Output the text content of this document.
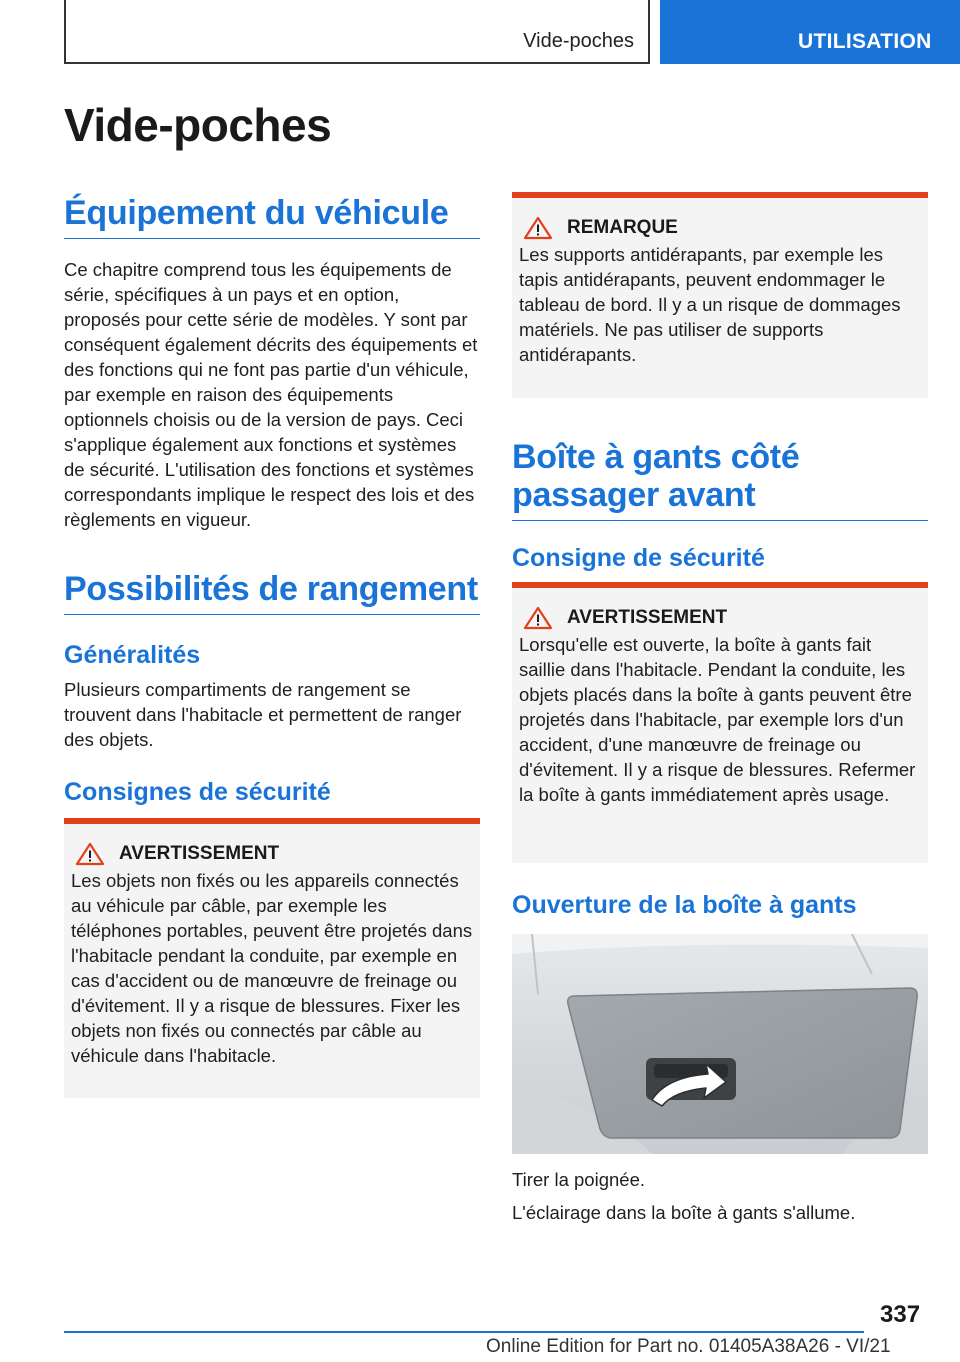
Vide-poches	UTILISATION
Vide-poches
Équipement du véhicule

Ce chapitre comprend tous les équipements de série, spécifiques à un pays et en option, proposés pour cette série de modèles. Y sont par conséquent également décrits des équipements et des fonctions qui ne font pas partie d'un véhicule, par exemple en raison des équipements optionnels choisis ou de la version de pays. Ceci s'applique également aux fonctions et systèmes de sécurité. L'utilisation des fonctions et systèmes correspondants implique le respect des lois et des règlements en vigueur.

Possibilités de rangement
Généralités

Plusieurs compartiments de rangement se trouvent dans l'habitacle et permettent de ranger des objets.

Consignes de sécurité
AVERTISSEMENT

Les objets non fixés ou les appareils connectés au véhicule par câble, par exemple les téléphones portables, peuvent être projetés dans l'habitacle pendant la conduite, par exemple en cas d'accident ou de manœuvre de freinage ou d'évitement. Il y a risque de blessures. Fixer les objets non fixés ou connectés par câble au véhicule dans l'habitacle.

REMARQUE

Les supports antidérapants, par exemple les tapis antidérapants, peuvent endommager le tableau de bord. Il y a un risque de dommages matériels. Ne pas utiliser de supports antidérapants.

Boîte à gants côté passager avant
Consigne de sécurité
AVERTISSEMENT

Lorsqu'elle est ouverte, la boîte à gants fait saillie dans l'habitacle. Pendant la conduite, les objets placés dans la boîte à gants peuvent être projetés dans l'habitacle, par exemple lors d'un accident, d'une manœuvre de freinage ou d'évitement. Il y a risque de blessures. Refermer la boîte à gants immédiatement après usage.

Ouverture de la boîte à gants

Tirer la poignée.

L'éclairage dans la boîte à gants s'allume.

337
Online Edition for Part no. 01405A38A26 - VI/21
